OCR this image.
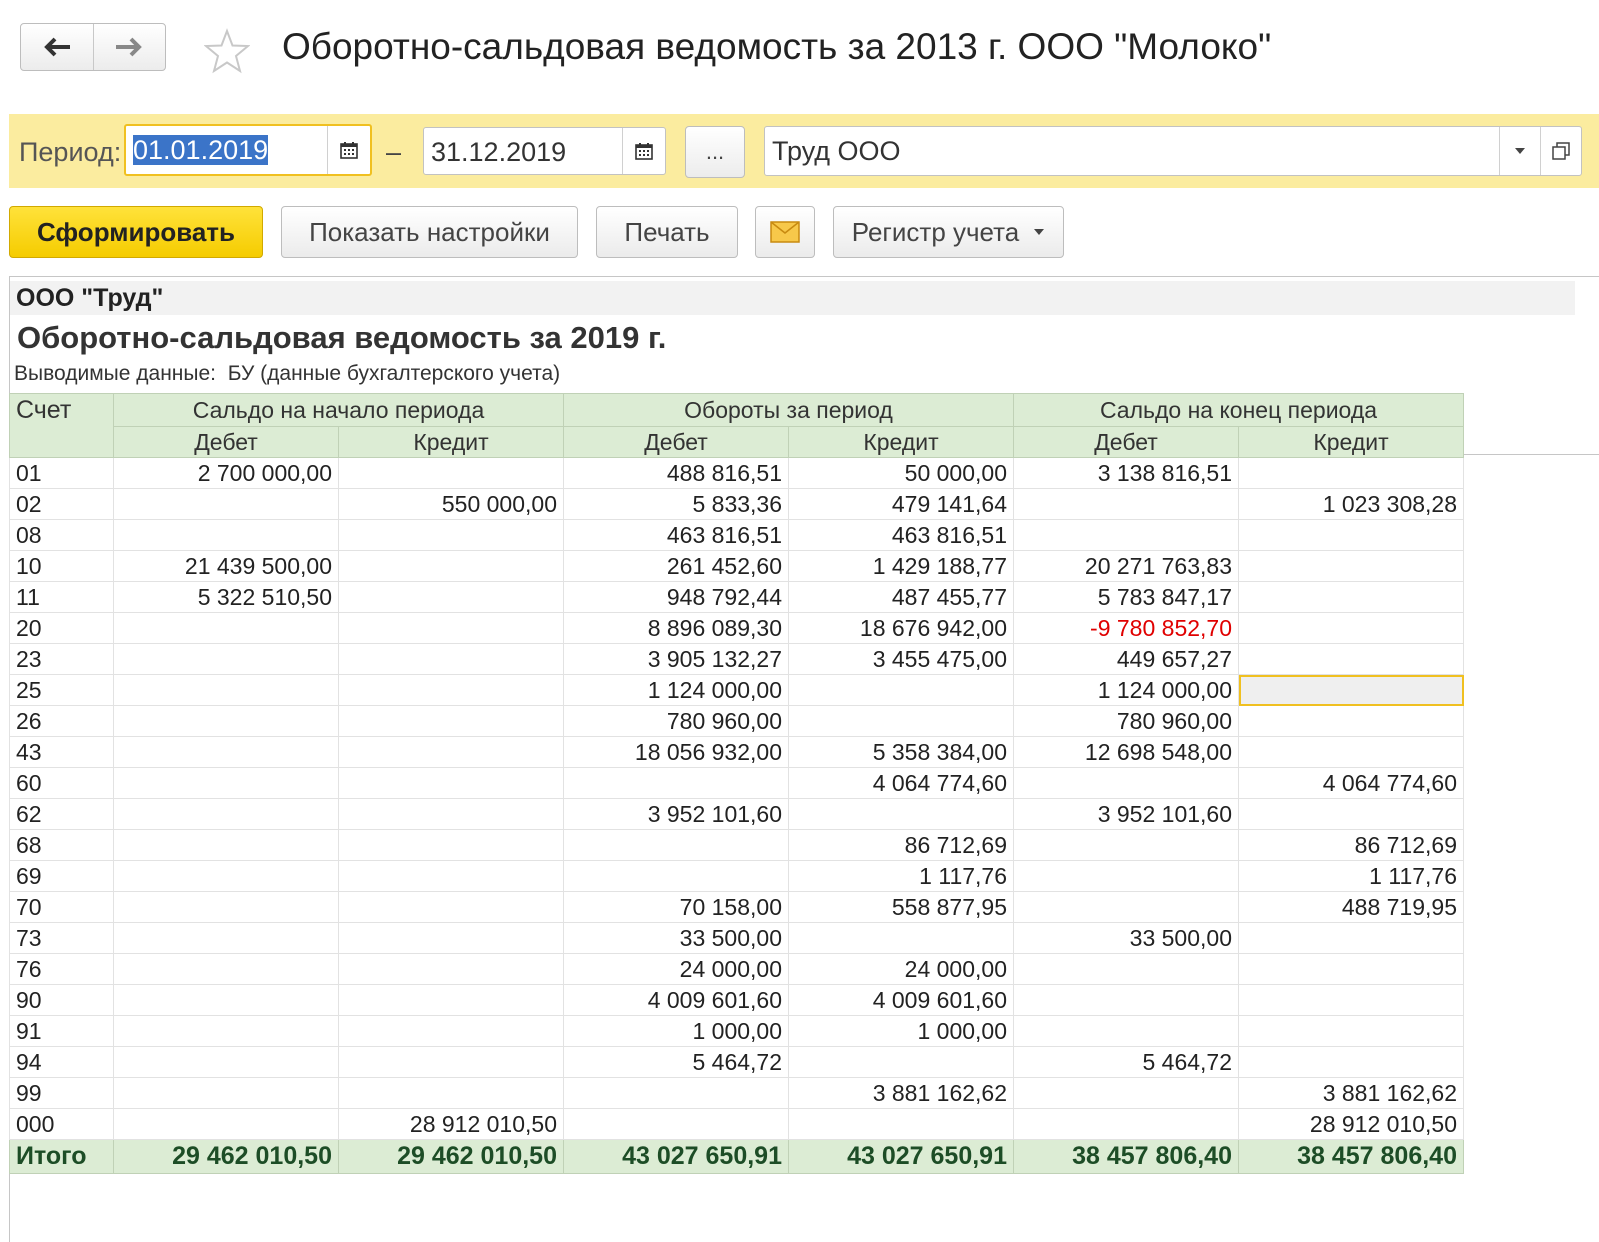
Оборотно-сальдовая ведомость за 2013 г. ООО "Молоко"
Период: 01.01.2019	– 31.12.2019	...	Труд ООО
Сформировать	Показать настройки	Печать	Регистр учета
ООО "Труд"
Оборотно-сальдовая ведомость за 2019 г.
Выводимые данные: БУ (данные бухгалтерского учета)
Счет	Сальдо на начало периода		Обороты за период		Сальдо на конец периода	
	Дебет	Кредит	Дебет	Кредит	Дебет	Кредит
01	2 700 000,00		488 816,51	50 000,00	3 138 816,51	
02		550 000,00	5 833,36	479 141,64		1 023 308,28
08			463 816,51	463 816,51		
10	21 439 500,00		261 452,60	1 429 188,77	20 271 763,83	
11	5 322 510,50		948 792,44	487 455,77	5 783 847,17	
20			8 896 089,30	18 676 942,00	-9 780 852,70	
23			3 905 132,27	3 455 475,00	449 657,27	
25			1 124 000,00		1 124 000,00	
26			780 960,00		780 960,00	
43			18 056 932,00	5 358 384,00	12 698 548,00	
60				4 064 774,60		4 064 774,60
62			3 952 101,60		3 952 101,60	
68				86 712,69		86 712,69
69				1 117,76		1 117,76
70			70 158,00	558 877,95		488 719,95
73			33 500,00		33 500,00	
76			24 000,00	24 000,00		
90			4 009 601,60	4 009 601,60		
91			1 000,00	1 000,00		
94			5 464,72		5 464,72	
99				3 881 162,62		3 881 162,62
000		28 912 010,50				28 912 010,50
Итого	29 462 010,50	29 462 010,50	43 027 650,91	43 027 650,91	38 457 806,40	38 457 806,40
